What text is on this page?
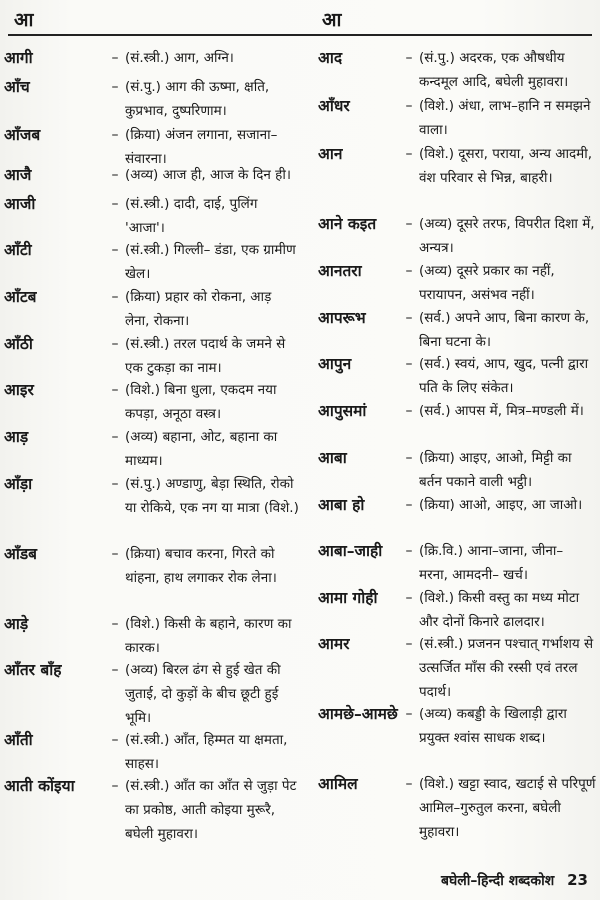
आ	आ
आगी	– (सं.स्त्री.) आग, अग्नि।
आँच	– (सं.पु.) आग की ऊष्मा, क्षति, कुप्रभाव, दुष्परिणाम।
आँजब	– (क्रिया) अंजन लगाना, सजाना– संवारना।
आजै	– (अव्य) आज ही, आज के दिन ही।
आजी	– (सं.स्त्री.) दादी, दाई, पुलिंग 'आजा'।
आँटी	– (सं.स्त्री.) गिल्ली– डंडा, एक ग्रामीण खेल।
आँटब	– (क्रिया) प्रहार को रोकना, आड़ लेना, रोकना।
आँठी	– (सं.स्त्री.) तरल पदार्थ के जमने से एक टुकड़ा का नाम।
आइर	– (विशे.) बिना धुला, एकदम नया कपड़ा, अनूठा वस्त्र।
आड़	– (अव्य) बहाना, ओट, बहाना का माध्यम।
आँड़ा	– (सं.पु.) अण्डाणु, बेड़ा स्थिति, रोको या रोकिये, एक नग या मात्रा (विशे.)
आँडब	– (क्रिया) बचाव करना, गिरते को थांहना, हाथ लगाकर रोक लेना।
आड़े	– (विशे.) किसी के बहाने, कारण का कारक।
आँतर बाँह	– (अव्य) बिरल ढंग से हुई खेत की जुताई, दो कुड़ों के बीच छूटी हुई भूमि।
आँती	– (सं.स्त्री.) आँत, हिम्मत या क्षमता, साहस।
आती कोंइया	– (सं.स्त्री.) आँत का आँत से जुड़ा पेट का प्रकोष्ठ, आती कोइया मुरूरै, बघेली मुहावरा।
आद	– (सं.पु.) अदरक, एक औषधीय कन्दमूल आदि, बघेली मुहावरा।
आँधर	– (विशे.) अंधा, लाभ–हानि न समझने वाला।
आन	– (विशे.) दूसरा, पराया, अन्य आदमी, वंश परिवार से भिन्न, बाहरी।
आने कइत	– (अव्य) दूसरे तरफ, विपरीत दिशा में, अन्यत्र।
आनतरा	– (अव्य) दूसरे प्रकार का नहीं, परायापन, असंभव नहीं।
आपरूभ	– (सर्व.) अपने आप, बिना कारण के, बिना घटना के।
आपुन	– (सर्व.) स्वयं, आप, खुद, पत्नी द्वारा पति के लिए संकेत।
आपुसमां	– (सर्व.) आपस में, मित्र–मण्डली में।
आबा	– (क्रिया) आइए, आओ, मिट्टी का बर्तन पकाने वाली भट्ठी।
आबा हो	– (क्रिया) आओ, आइए, आ जाओ।
आबा–जाही	– (क्रि.वि.) आना–जाना, जीना– मरना, आमदनी– खर्च।
आमा गोही	– (विशे.) किसी वस्तु का मध्य मोटा और दोनों किनारे ढालदार।
आमर	– (सं.स्त्री.) प्रजनन पश्चात् गर्भाशय से उत्सर्जित माँस की रस्सी एवं तरल पदार्थ।
आमछे–आमछे – (अव्य) कबड्डी के खिलाड़ी द्वारा प्रयुक्त श्वांस साधक शब्द।
आमिल	– (विशे.) खट्टा स्वाद, खटाई से परिपूर्ण आमिल–गुरुतुल करना, बघेली मुहावरा।
बघेली–हिन्दी शब्दकोश 23
